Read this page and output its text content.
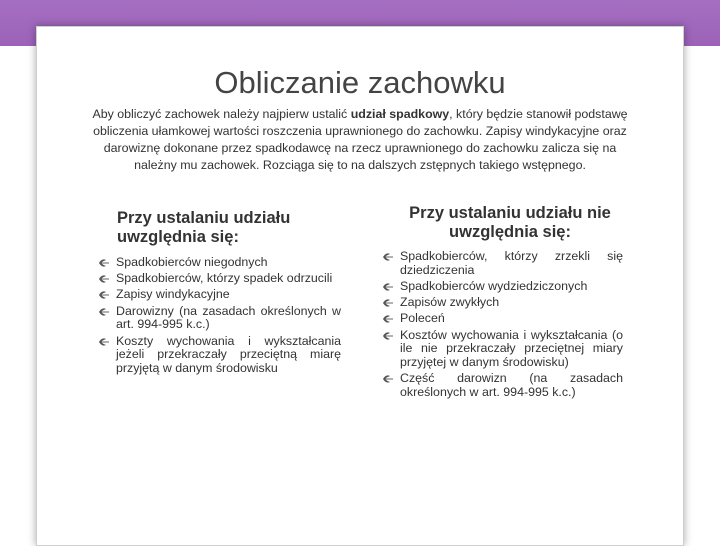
Obliczanie zachowku

Aby obliczyć zachowek należy najpierw ustalić udział spadkowy, który będzie stanowił podstawę obliczenia ułamkowej wartości roszczenia uprawnionego do zachowku. Zapisy windykacyjne oraz darowiznę dokonane przez spadkodawcę na rzecz uprawnionego do zachowku zalicza się na należny mu zachowek. Rozciąga się to na dalszych zstępnych takiego wstępnego.

Przy ustalaniu udziału uwzględnia się:
Spadkobierców niegodnych
Spadkobierców, którzy spadek odrzucili
Zapisy windykacyjne
Darowizny (na zasadach określonych w art. 994-995 k.c.)
Koszty wychowania i wykształcania jeżeli przekraczały przeciętną miarę przyjętą w danym środowisku
Przy ustalaniu udziału nie uwzględnia się:
Spadkobierców, którzy zrzekli się dziedziczenia
Spadkobierców wydziedziczonych
Zapisów zwykłych
Poleceń
Kosztów wychowania i wykształcania (o ile nie przekraczały przeciętnej miary przyjętej w danym środowisku)
Część darowizn (na zasadach określonych w art. 994-995 k.c.)
